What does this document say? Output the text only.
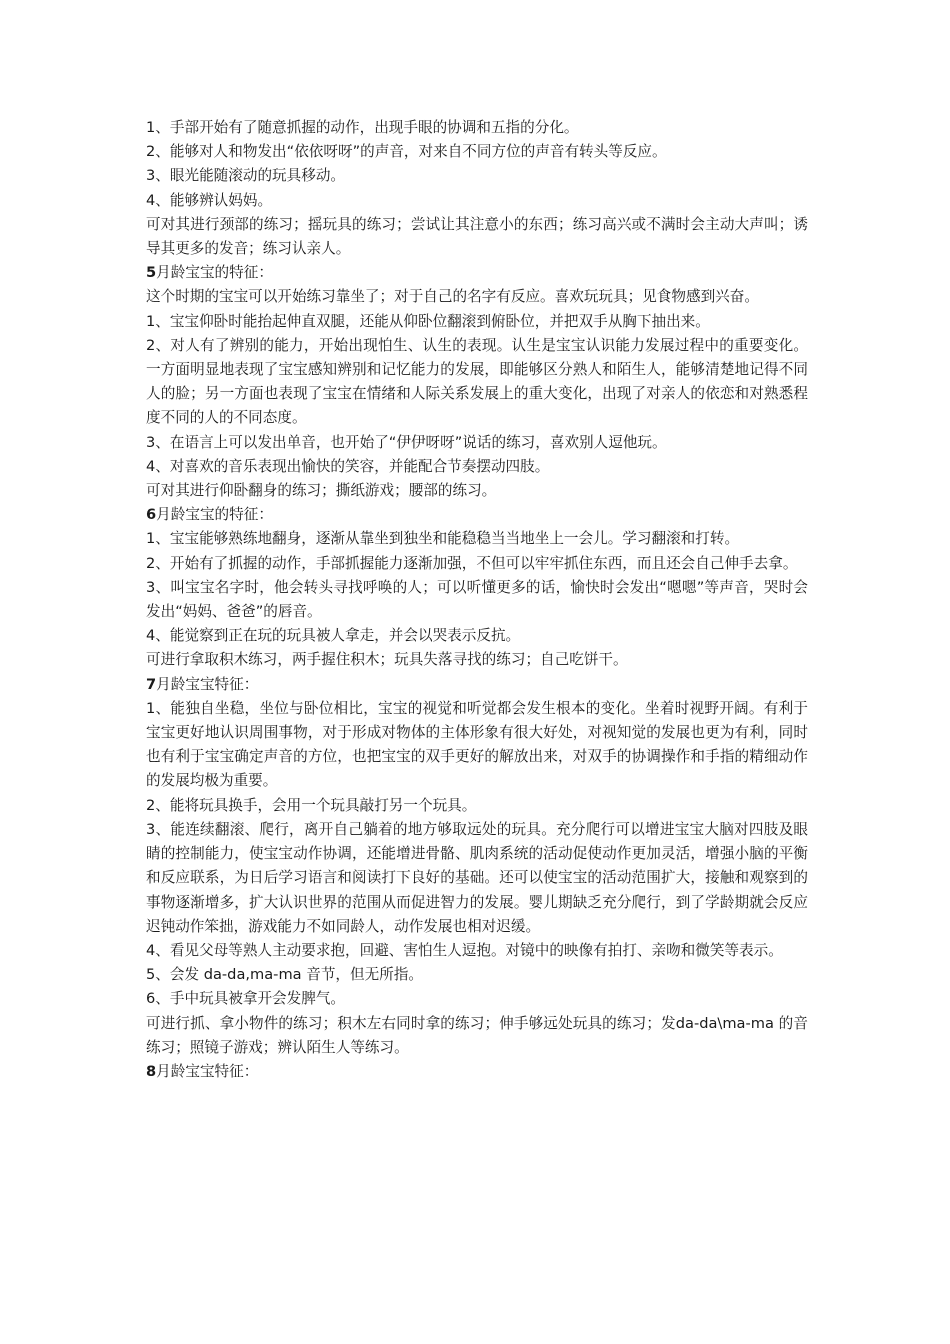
1、手部开始有了随意抓握的动作，出现手眼的协调和五指的分化。

2、能够对人和物发出“依依呀呀”的声音，对来自不同方位的声音有转头等反应。

3、眼光能随滚动的玩具移动。

4、能够辨认妈妈。

可对其进行颈部的练习；摇玩具的练习；尝试让其注意小的东西；练习高兴或不满时会主动大声叫；诱导其更多的发音；练习认亲人。

5月龄宝宝的特征：

这个时期的宝宝可以开始练习靠坐了；对于自己的名字有反应。喜欢玩玩具；见食物感到兴奋。

1、宝宝仰卧时能抬起伸直双腿，还能从仰卧位翻滚到俯卧位，并把双手从胸下抽出来。

2、对人有了辨别的能力，开始出现怕生、认生的表现。认生是宝宝认识能力发展过程中的重要变化。一方面明显地表现了宝宝感知辨别和记忆能力的发展，即能够区分熟人和陌生人，能够清楚地记得不同人的脸；另一方面也表现了宝宝在情绪和人际关系发展上的重大变化，出现了对亲人的依恋和对熟悉程度不同的人的不同态度。

3、在语言上可以发出单音，也开始了“伊伊呀呀”说话的练习，喜欢别人逗他玩。

4、对喜欢的音乐表现出愉快的笑容，并能配合节奏摆动四肢。

可对其进行仰卧翻身的练习；撕纸游戏；腰部的练习。

6月龄宝宝的特征：

1、宝宝能够熟练地翻身，逐渐从靠坐到独坐和能稳稳当当地坐上一会儿。学习翻滚和打转。

2、开始有了抓握的动作，手部抓握能力逐渐加强，不但可以牢牢抓住东西，而且还会自己伸手去拿。

3、叫宝宝名字时，他会转头寻找呼唤的人；可以听懂更多的话，愉快时会发出“嗯嗯”等声音，哭时会发出“妈妈、爸爸”的唇音。

4、能觉察到正在玩的玩具被人拿走，并会以哭表示反抗。

可进行拿取积木练习，两手握住积木；玩具失落寻找的练习；自己吃饼干。

7月龄宝宝特征：

1、能独自坐稳，坐位与卧位相比，宝宝的视觉和听觉都会发生根本的变化。坐着时视野开阔。有利于宝宝更好地认识周围事物，对于形成对物体的主体形象有很大好处，对视知觉的发展也更为有利，同时也有利于宝宝确定声音的方位，也把宝宝的双手更好的解放出来，对双手的协调操作和手指的精细动作的发展均极为重要。

2、能将玩具换手，会用一个玩具敲打另一个玩具。

3、能连续翻滚、爬行，离开自己躺着的地方够取远处的玩具。充分爬行可以增进宝宝大脑对四肢及眼睛的控制能力，使宝宝动作协调，还能增进骨骼、肌肉系统的活动促使动作更加灵活，增强小脑的平衡和反应联系，为日后学习语言和阅读打下良好的基础。还可以使宝宝的活动范围扩大，接触和观察到的事物逐渐增多，扩大认识世界的范围从而促进智力的发展。婴儿期缺乏充分爬行，到了学龄期就会反应迟钝动作笨拙，游戏能力不如同龄人，动作发展也相对迟缓。

4、看见父母等熟人主动要求抱，回避、害怕生人逗抱。对镜中的映像有拍打、亲吻和微笑等表示。

5、会发 da-da,ma-ma 音节，但无所指。

6、手中玩具被拿开会发脾气。

可进行抓、拿小物件的练习；积木左右同时拿的练习；伸手够远处玩具的练习；发da-da\ma-ma 的音练习；照镜子游戏；辨认陌生人等练习。

8月龄宝宝特征：
